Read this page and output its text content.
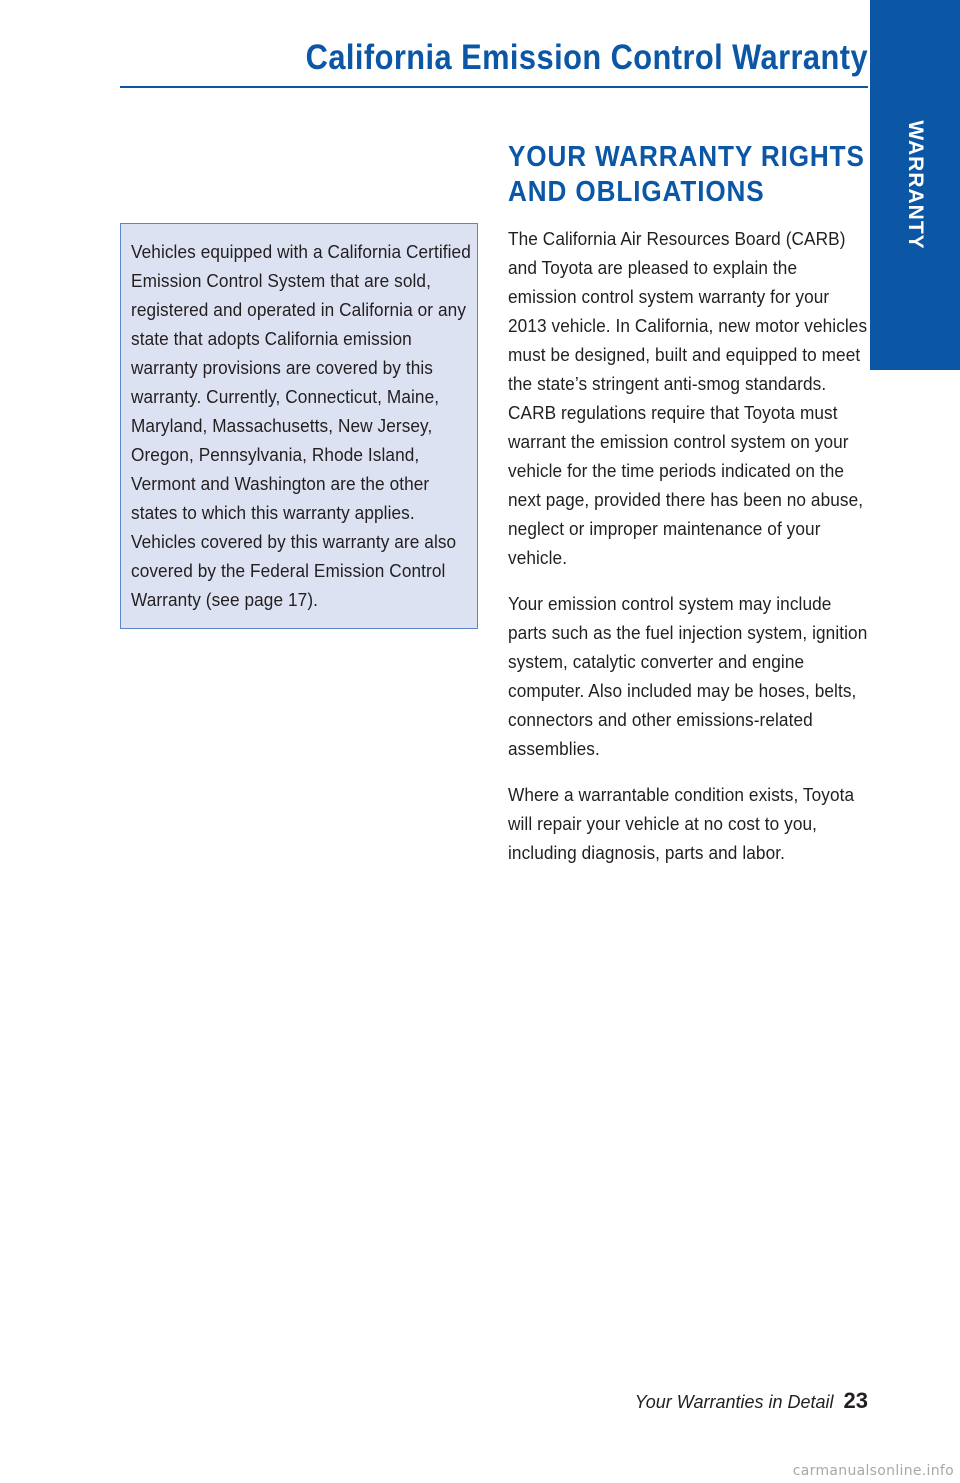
California Emission Control Warranty
WARRANTY

Vehicles equipped with a California Certified Emission Control System that are sold, registered and operated in California or any state that adopts California emission warranty provisions are covered by this warranty. Currently, Connecticut, Maine, Maryland, Massachusetts, New Jersey, Oregon, Pennsylvania, Rhode Island, Vermont and Washington are the other states to which this warranty applies. Vehicles covered by this warranty are also covered by the Federal Emission Control Warranty (see page 17).

YOUR WARRANTY RIGHTS AND OBLIGATIONS

The California Air Resources Board (CARB) and Toyota are pleased to explain the emission control system warranty for your 2013 vehicle. In California, new motor vehicles must be designed, built and equipped to meet the state’s stringent anti-smog standards. CARB regulations require that Toyota must warrant the emission control system on your vehicle for the time periods indicated on the next page, provided there has been no abuse, neglect or improper maintenance of your vehicle.

Your emission control system may include parts such as the fuel injection system, ignition system, catalytic converter and engine computer. Also included may be hoses, belts, connectors and other emissions-related assemblies.

Where a warrantable condition exists, Toyota will repair your vehicle at no cost to you, including diagnosis, parts and labor.

Your Warranties in Detail 23
carmanualsonline.info
